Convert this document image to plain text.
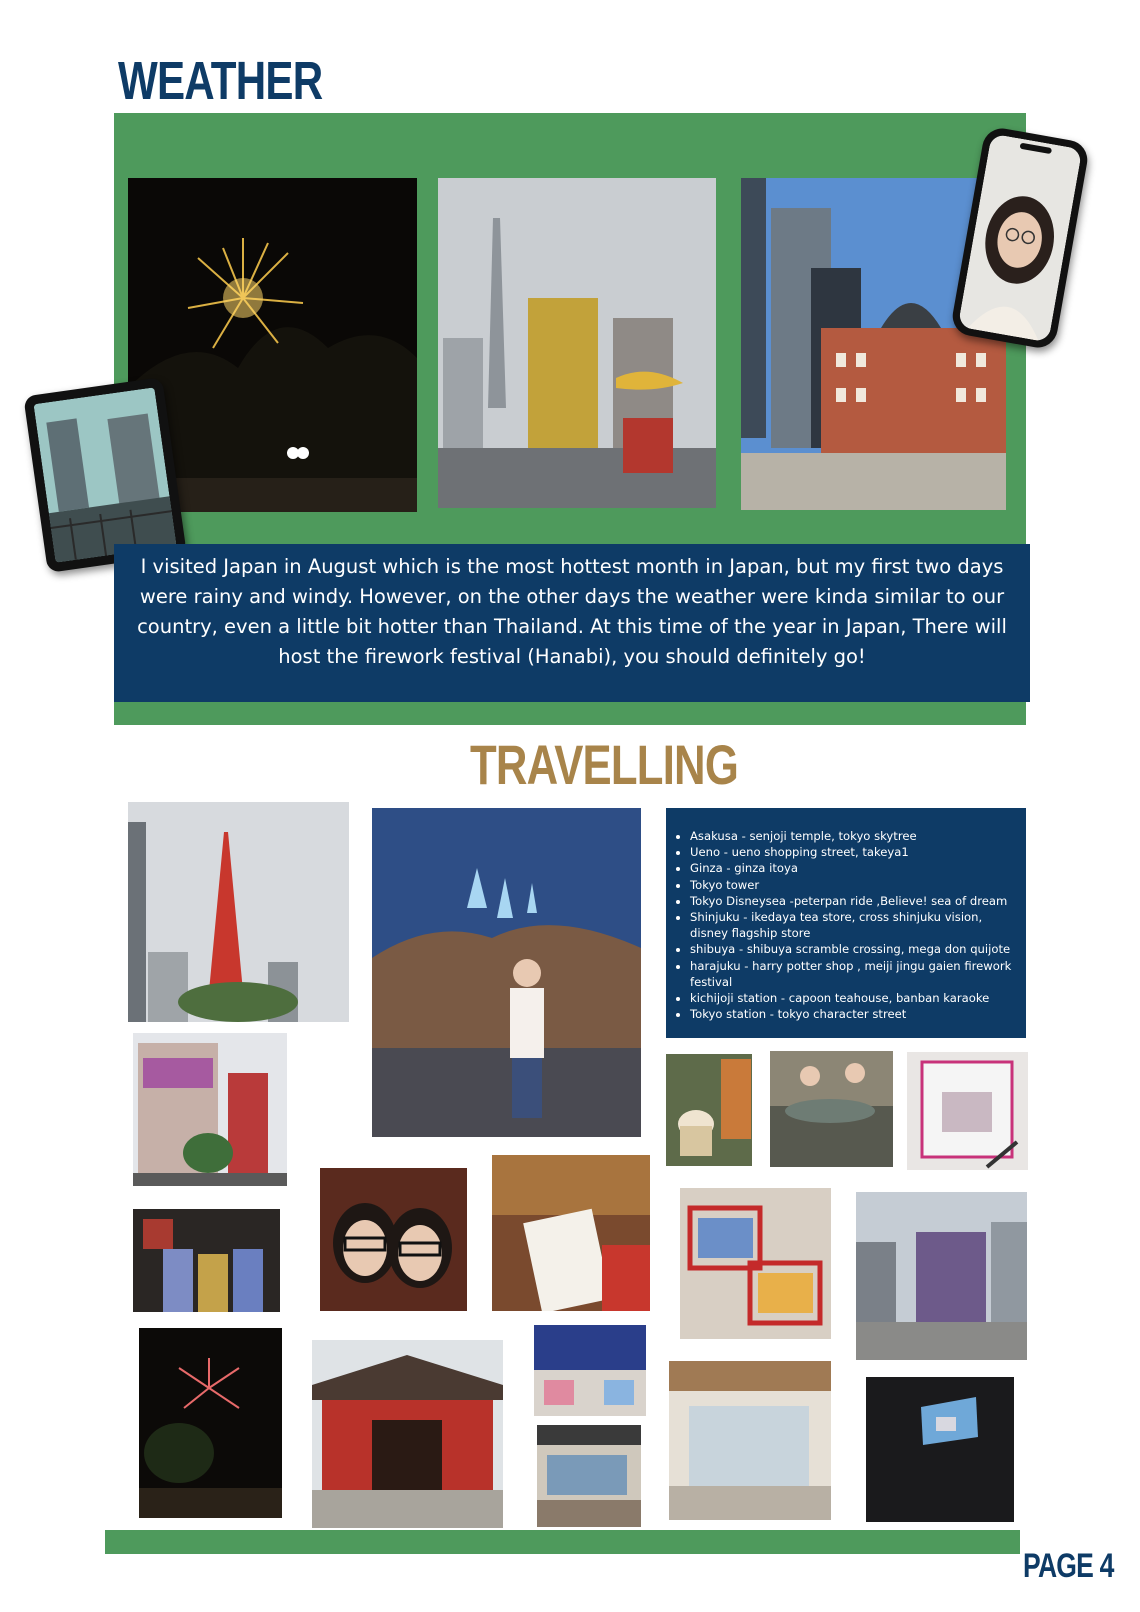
WEATHER

I visited Japan in August which is the most hottest month in Japan, but my first two days were rainy and windy. However, on the other days the weather were kinda similar to our country, even a little bit hotter than Thailand. At this time of the year in Japan, There will host the firework festival (Hanabi), you should definitely go!

TRAVELLING
• Asakusa - senjoji temple, tokyo skytree
• Ueno - ueno shopping street, takeya1
• Ginza - ginza itoya
• Tokyo tower
• Tokyo Disneysea -peterpan ride ,Believe! sea of dream
• Shinjuku - ikedaya tea store, cross shinjuku vision, disney flagship store
• shibuya - shibuya scramble crossing, mega don quijote
• harajuku - harry potter shop , meiji jingu gaien firework festival
• kichijoji station - capoon teahouse, banban karaoke
• Tokyo station - tokyo character street
PAGE 4
